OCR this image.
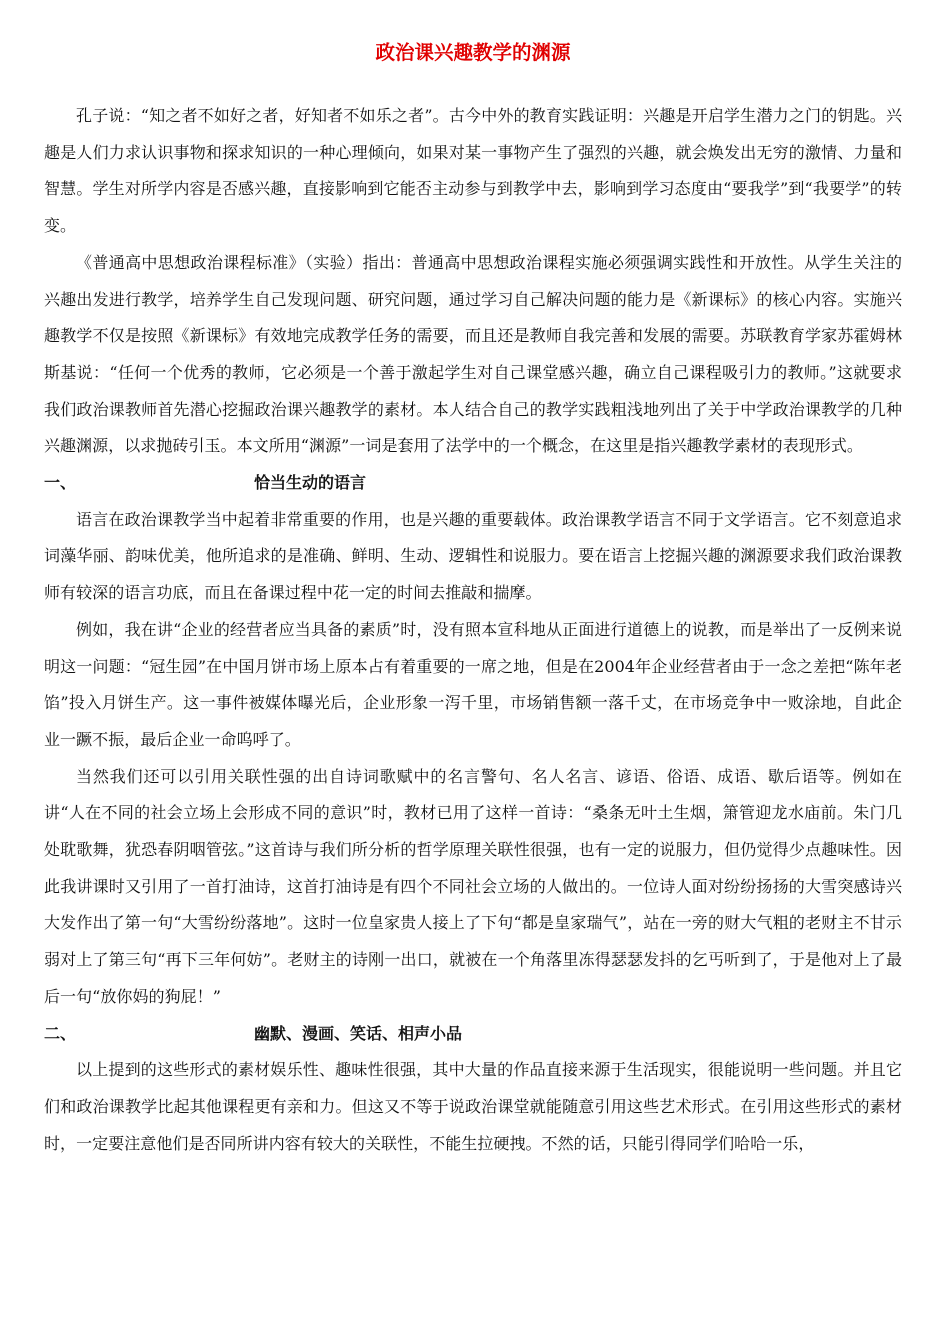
政治课兴趣教学的渊源

孔子说：“知之者不如好之者，好知者不如乐之者”。古今中外的教育实践证明：兴趣是开启学生潜力之门的钥匙。兴趣是人们力求认识事物和探求知识的一种心理倾向，如果对某一事物产生了强烈的兴趣，就会焕发出无穷的激情、力量和智慧。学生对所学内容是否感兴趣，直接影响到它能否主动参与到教学中去，影响到学习态度由“要我学”到“我要学”的转变。

《普通高中思想政治课程标准》（实验）指出：普通高中思想政治课程实施必须强调实践性和开放性。从学生关注的兴趣出发进行教学，培养学生自己发现问题、研究问题，通过学习自己解决问题的能力是《新课标》的核心内容。实施兴趣教学不仅是按照《新课标》有效地完成教学任务的需要，而且还是教师自我完善和发展的需要。苏联教育学家苏霍姆林斯基说：“任何一个优秀的教师，它必须是一个善于激起学生对自己课堂感兴趣，确立自己课程吸引力的教师。”这就要求我们政治课教师首先潜心挖掘政治课兴趣教学的素材。本人结合自己的教学实践粗浅地列出了关于中学政治课教学的几种兴趣渊源，以求抛砖引玉。本文所用“渊源”一词是套用了法学中的一个概念，在这里是指兴趣教学素材的表现形式。

一、	恰当生动的语言

语言在政治课教学当中起着非常重要的作用，也是兴趣的重要载体。政治课教学语言不同于文学语言。它不刻意追求词藻华丽、韵味优美，他所追求的是准确、鲜明、生动、逻辑性和说服力。要在语言上挖掘兴趣的渊源要求我们政治课教师有较深的语言功底，而且在备课过程中花一定的时间去推敲和揣摩。

例如，我在讲“企业的经营者应当具备的素质”时，没有照本宣科地从正面进行道德上的说教，而是举出了一反例来说明这一问题：“冠生园”在中国月饼市场上原本占有着重要的一席之地，但是在2004年企业经营者由于一念之差把“陈年老馅”投入月饼生产。这一事件被媒体曝光后，企业形象一泻千里，市场销售额一落千丈，在市场竞争中一败涂地，自此企业一蹶不振，最后企业一命呜呼了。

当然我们还可以引用关联性强的出自诗词歌赋中的名言警句、名人名言、谚语、俗语、成语、歇后语等。例如在讲“人在不同的社会立场上会形成不同的意识”时，教材已用了这样一首诗：“桑条无叶土生烟，箫管迎龙水庙前。朱门几处耽歌舞，犹恐春阴咽管弦。”这首诗与我们所分析的哲学原理关联性很强，也有一定的说服力，但仍觉得少点趣味性。因此我讲课时又引用了一首打油诗，这首打油诗是有四个不同社会立场的人做出的。一位诗人面对纷纷扬扬的大雪突感诗兴大发作出了第一句“大雪纷纷落地”。这时一位皇家贵人接上了下句“都是皇家瑞气”，站在一旁的财大气粗的老财主不甘示弱对上了第三句“再下三年何妨”。老财主的诗刚一出口，就被在一个角落里冻得瑟瑟发抖的乞丐听到了，于是他对上了最后一句“放你妈的狗屁！”

二、	幽默、漫画、笑话、相声小品

以上提到的这些形式的素材娱乐性、趣味性很强，其中大量的作品直接来源于生活现实，很能说明一些问题。并且它们和政治课教学比起其他课程更有亲和力。但这又不等于说政治课堂就能随意引用这些艺术形式。在引用这些形式的素材时，一定要注意他们是否同所讲内容有较大的关联性，不能生拉硬拽。不然的话，只能引得同学们哈哈一乐，
